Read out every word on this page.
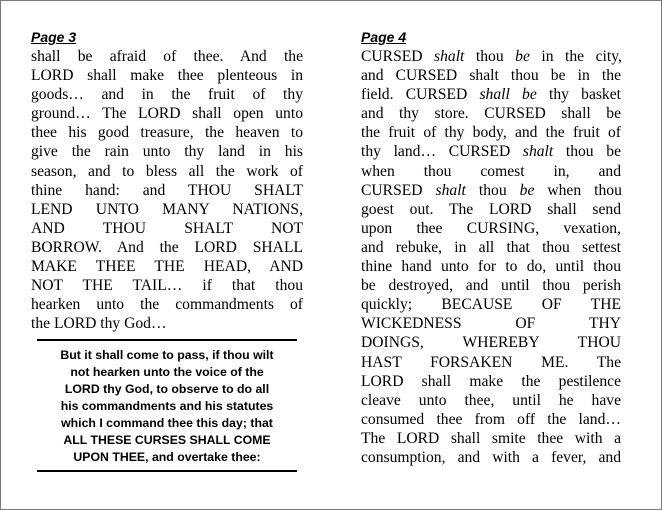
Page 3
shall be afraid of thee. And the
LORD shall make thee plenteous in
goods… and in the fruit of thy
ground… The LORD shall open unto
thee his good treasure, the heaven to
give the rain unto thy land in his
season, and to bless all the work of
thine hand: and THOU SHALT
LEND UNTO MANY NATIONS,
AND THOU SHALT NOT
BORROW. And the LORD SHALL
MAKE THEE THE HEAD, AND
NOT THE TAIL… if that thou
hearken unto the commandments of
the LORD thy God…
But it shall come to pass, if thou wilt
not hearken unto the voice of the
LORD thy God, to observe to do all
his commandments and his statutes
which I command thee this day; that
ALL THESE CURSES SHALL COME
UPON THEE, and overtake thee:
Page 4
CURSED shalt thou be in the city,
and CURSED shalt thou be in the
field. CURSED shall be thy basket
and thy store. CURSED shall be
the fruit of thy body, and the fruit of
thy land… CURSED shalt thou be
when thou comest in, and
CURSED shalt thou be when thou
goest out. The LORD shall send
upon thee CURSING, vexation,
and rebuke, in all that thou settest
thine hand unto for to do, until thou
be destroyed, and until thou perish
quickly; BECAUSE OF THE
WICKEDNESS OF THY
DOINGS, WHEREBY THOU
HAST FORSAKEN ME. The
LORD shall make the pestilence
cleave unto thee, until he have
consumed thee from off the land…
The LORD shall smite thee with a
consumption, and with a fever, and
